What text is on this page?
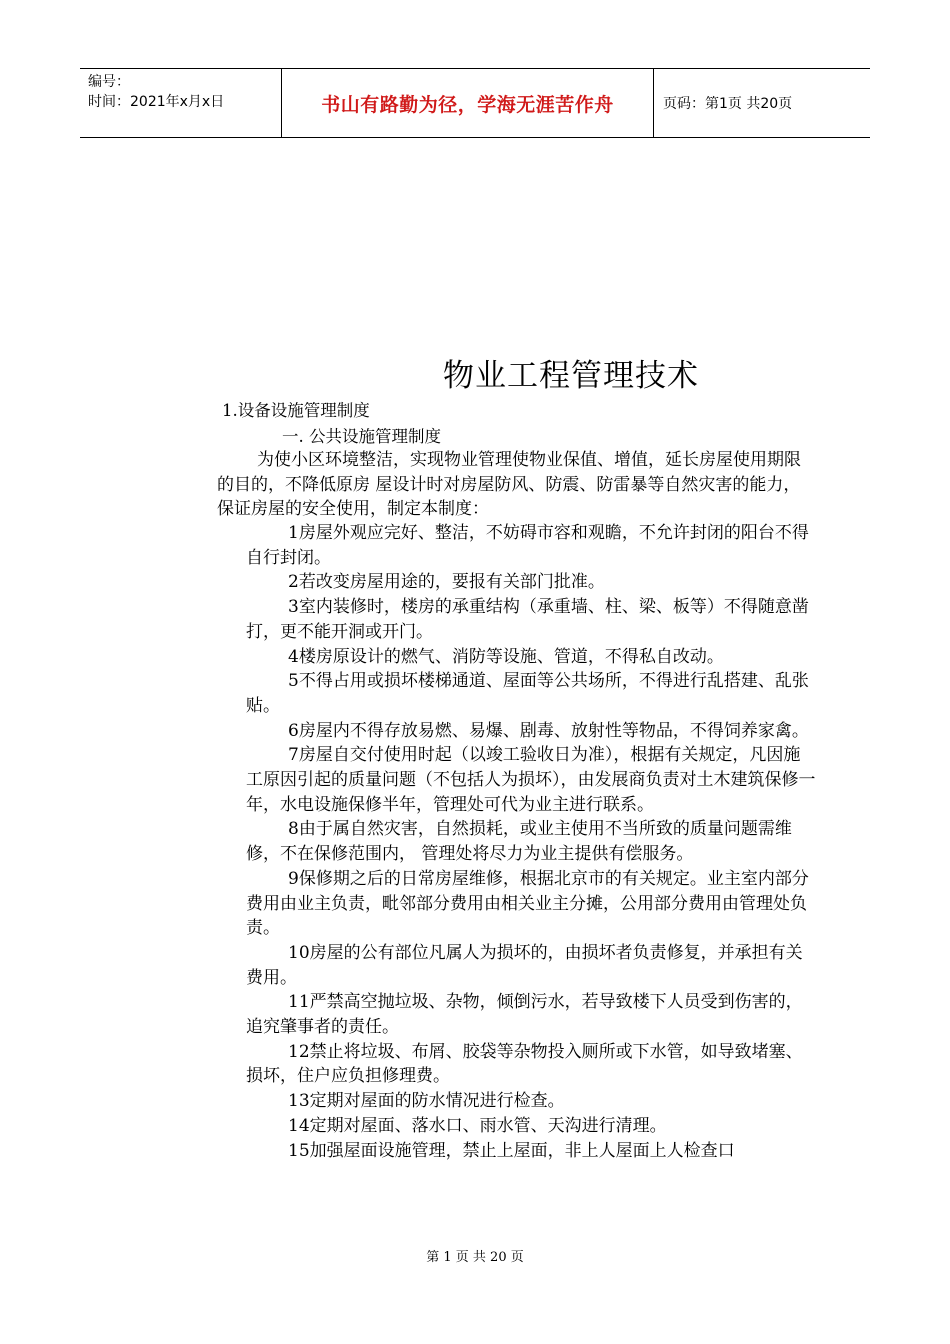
编号：
时间：2021年x月x日	书山有路勤为径，学海无涯苦作舟	页码：第1页 共20页
物业工程管理技术
1.设备设施管理制度
一. 公共设施管理制度

为使小区环境整洁，实现物业管理使物业保值、增值，延长房屋使用期限的目的，不降低原房 屋设计时对房屋防风、防震、防雷暴等自然灾害的能力，保证房屋的安全使用，制定本制度：

1房屋外观应完好、整洁，不妨碍市容和观瞻，不允许封闭的阳台不得自行封闭。

2若改变房屋用途的，要报有关部门批准。

3室内装修时，楼房的承重结构（承重墙、柱、梁、板等）不得随意凿打，更不能开洞或开门。

4楼房原设计的燃气、消防等设施、管道，不得私自改动。

5不得占用或损坏楼梯通道、屋面等公共场所，不得进行乱搭建、乱张贴。

6房屋内不得存放易燃、易爆、剧毒、放射性等物品，不得饲养家禽。

7房屋自交付使用时起（以竣工验收日为准），根据有关规定，凡因施工原因引起的质量问题（不包括人为损坏），由发展商负责对土木建筑保修一年，水电设施保修半年，管理处可代为业主进行联系。

8由于属自然灾害，自然损耗，或业主使用不当所致的质量问题需维修，不在保修范围内， 管理处将尽力为业主提供有偿服务。

9保修期之后的日常房屋维修，根据北京市的有关规定。业主室内部分费用由业主负责，毗邻部分费用由相关业主分摊，公用部分费用由管理处负责。

10房屋的公有部位凡属人为损坏的，由损坏者负责修复，并承担有关费用。

11严禁高空抛垃圾、杂物，倾倒污水，若导致楼下人员受到伤害的，追究肇事者的责任。

12禁止将垃圾、布屑、胶袋等杂物投入厕所或下水管，如导致堵塞、损坏，住户应负担修理费。

13定期对屋面的防水情况进行检查。

14定期对屋面、落水口、雨水管、天沟进行清理。

15加强屋面设施管理，禁止上屋面，非上人屋面上人检查口

第 1 页 共 20 页
